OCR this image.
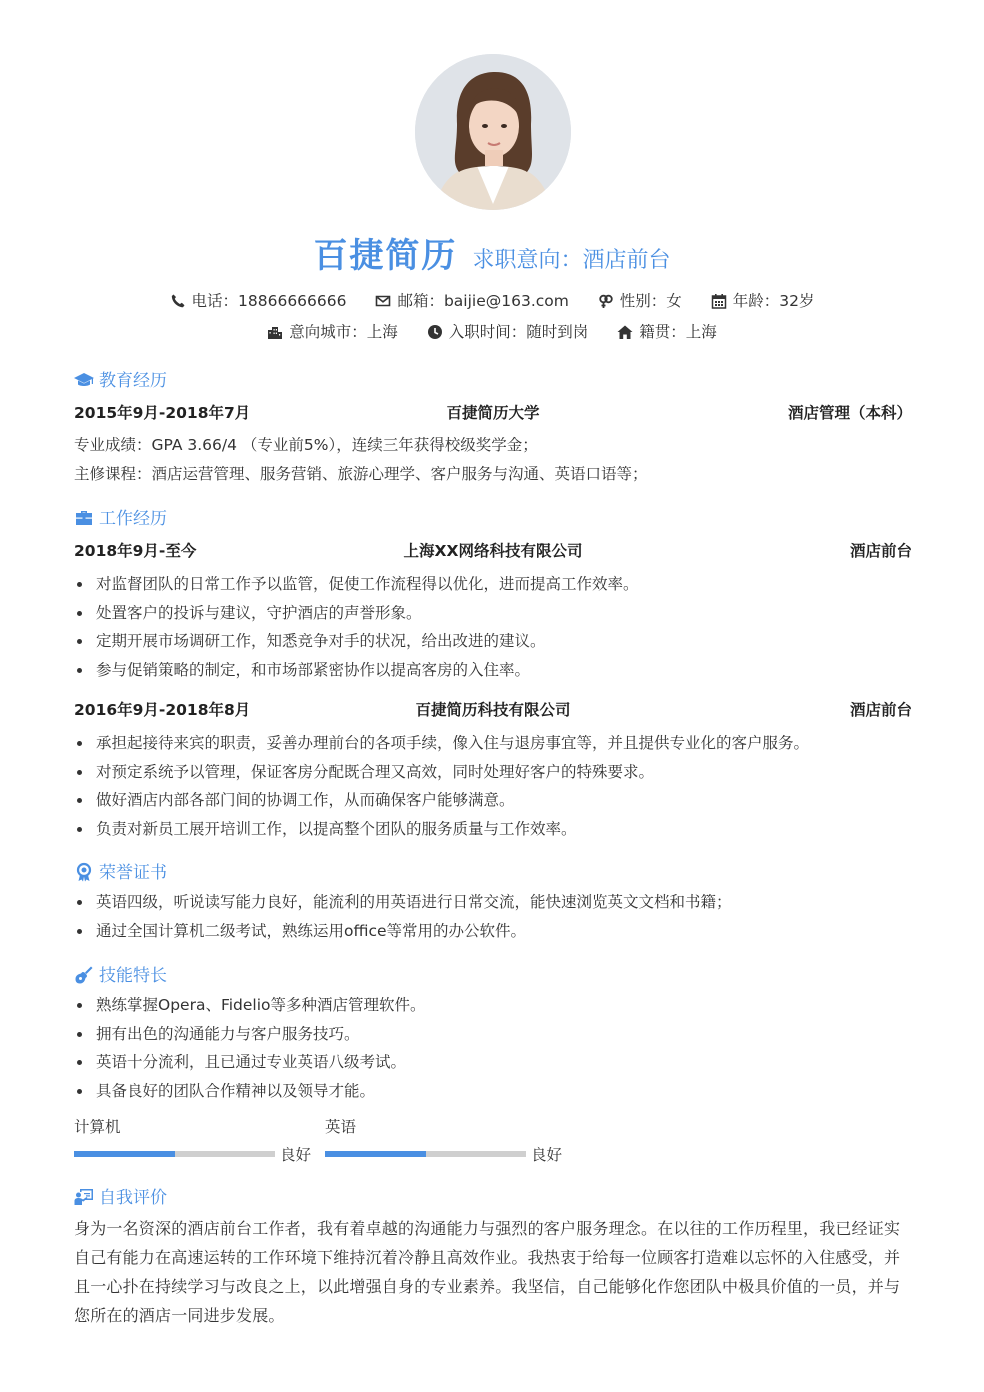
百捷简历 求职意向：酒店前台
电话：18866666666	邮箱：baijie@163.com	性别：女	年龄：32岁
意向城市：上海	入职时间：随时到岗	籍贯：上海
教育经历
2015年9月-2018年7月	百捷简历大学	酒店管理（本科）
专业成绩：GPA 3.66/4 （专业前5%），连续三年获得校级奖学金；
主修课程：酒店运营管理、服务营销、旅游心理学、客户服务与沟通、英语口语等；
工作经历
2018年9月-至今	上海XX网络科技有限公司	酒店前台
对监督团队的日常工作予以监管，促使工作流程得以优化，进而提高工作效率。
处置客户的投诉与建议，守护酒店的声誉形象。
定期开展市场调研工作，知悉竞争对手的状况，给出改进的建议。
参与促销策略的制定，和市场部紧密协作以提高客房的入住率。
2016年9月-2018年8月	百捷简历科技有限公司	酒店前台
承担起接待来宾的职责，妥善办理前台的各项手续，像入住与退房事宜等，并且提供专业化的客户服务。
对预定系统予以管理，保证客房分配既合理又高效，同时处理好客户的特殊要求。
做好酒店内部各部门间的协调工作，从而确保客户能够满意。
负责对新员工展开培训工作，以提高整个团队的服务质量与工作效率。
荣誉证书
英语四级，听说读写能力良好，能流利的用英语进行日常交流，能快速浏览英文文档和书籍；
通过全国计算机二级考试，熟练运用office等常用的办公软件。
技能特长
熟练掌握Opera、Fidelio等多种酒店管理软件。
拥有出色的沟通能力与客户服务技巧。
英语十分流利，且已通过专业英语八级考试。
具备良好的团队合作精神以及领导才能。
计算机
良好
英语
良好
自我评价
身为一名资深的酒店前台工作者，我有着卓越的沟通能力与强烈的客户服务理念。在以往的工作历程里，我已经证实自己有能力在高速运转的工作环境下维持沉着冷静且高效作业。我热衷于给每一位顾客打造难以忘怀的入住感受，并且一心扑在持续学习与改良之上，以此增强自身的专业素养。我坚信，自己能够化作您团队中极具价值的一员，并与您所在的酒店一同进步发展。
